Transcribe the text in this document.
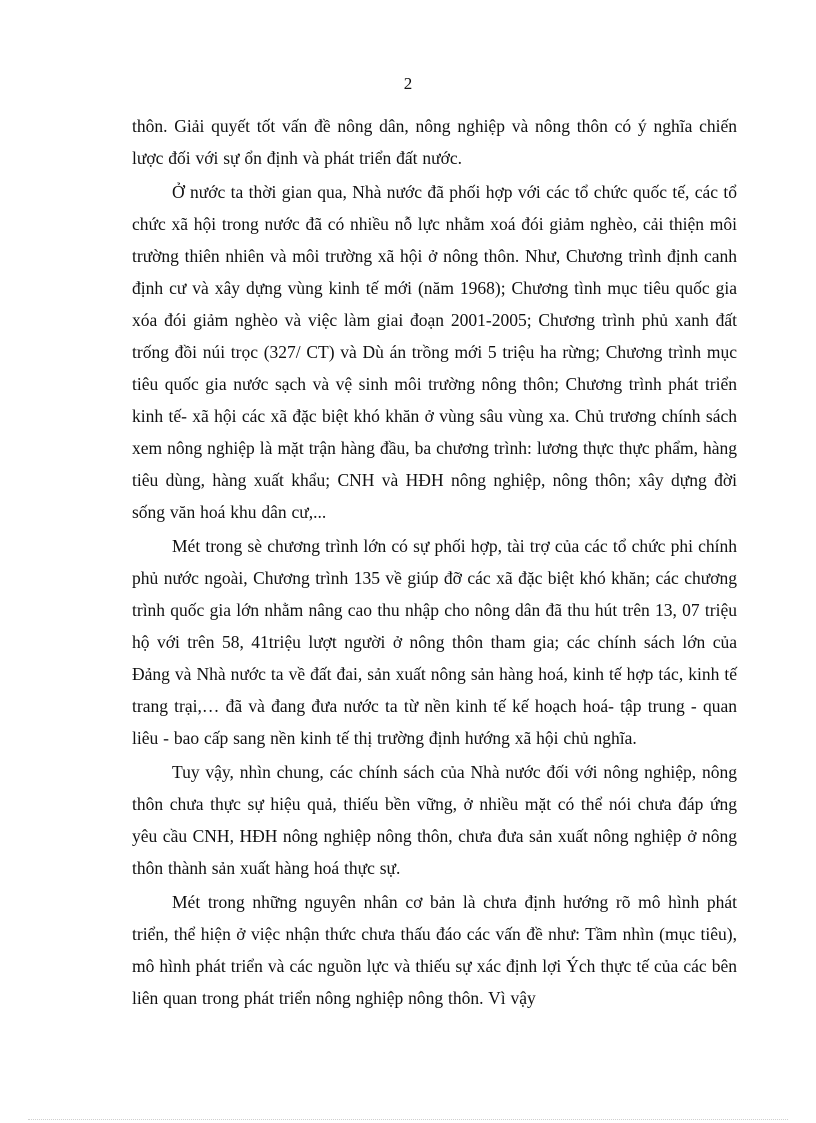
2

thôn. Giải quyết tốt vấn đề nông dân, nông nghiệp và nông thôn có ý nghĩa chiến lược đối với sự ổn định và phát triển đất nước.

Ở nước ta thời gian qua, Nhà nước đã phối hợp với các tổ chức quốc tế, các tổ chức xã hội trong nước đã có nhiều nỗ lực nhằm xoá đói giảm nghèo, cải thiện môi trường thiên nhiên và môi trường xã hội ở nông thôn. Như, Chương trình định canh định cư và xây dựng vùng kinh tế mới (năm 1968); Chương tình mục tiêu quốc gia xóa đói giảm nghèo và việc làm giai đoạn 2001-2005; Chương trình phủ xanh đất trống đồi núi trọc (327/ CT) và Dù án trồng mới 5 triệu ha rừng; Chương trình mục tiêu quốc gia nước sạch và vệ sinh môi trường nông thôn; Chương trình phát triển kinh tế- xã hội các xã đặc biệt khó khăn ở vùng sâu vùng xa. Chủ trương chính sách xem nông nghiệp là mặt trận hàng đầu, ba chương trình: lương thực thực phẩm, hàng tiêu dùng, hàng xuất khẩu; CNH và HĐH nông nghiệp, nông thôn; xây dựng đời sống văn hoá khu dân cư,...

Mét trong sè chương trình lớn có sự phối hợp, tài trợ của các tổ chức phi chính phủ nước ngoài, Chương trình 135 về giúp đỡ các xã đặc biệt khó khăn; các chương trình quốc gia lớn nhằm nâng cao thu nhập cho nông dân đã thu hút trên 13, 07 triệu hộ với trên 58, 41triệu lượt người ở nông thôn tham gia; các chính sách lớn của Đảng và Nhà nước ta về đất đai, sản xuất nông sản hàng hoá, kinh tế hợp tác, kinh tế trang trại,… đã và đang đưa nước ta từ nền kinh tế kế hoạch hoá- tập trung - quan liêu - bao cấp sang nền kinh tế thị trường định hướng xã hội chủ nghĩa.

Tuy vậy, nhìn chung, các chính sách của Nhà nước đối với nông nghiệp, nông thôn chưa thực sự hiệu quả, thiếu bền vững, ở nhiều mặt có thể nói chưa đáp ứng yêu cầu CNH, HĐH nông nghiệp nông thôn, chưa đưa sản xuất nông nghiệp ở nông thôn thành sản xuất hàng hoá thực sự.

Mét trong những nguyên nhân cơ bản là chưa định hướng rõ mô hình phát triển, thể hiện ở việc nhận thức chưa thấu đáo các vấn đề như: Tầm nhìn (mục tiêu), mô hình phát triển và các nguồn lực và thiếu sự xác định lợi Ých thực tế của các bên liên quan trong phát triển nông nghiệp nông thôn. Vì vậy
